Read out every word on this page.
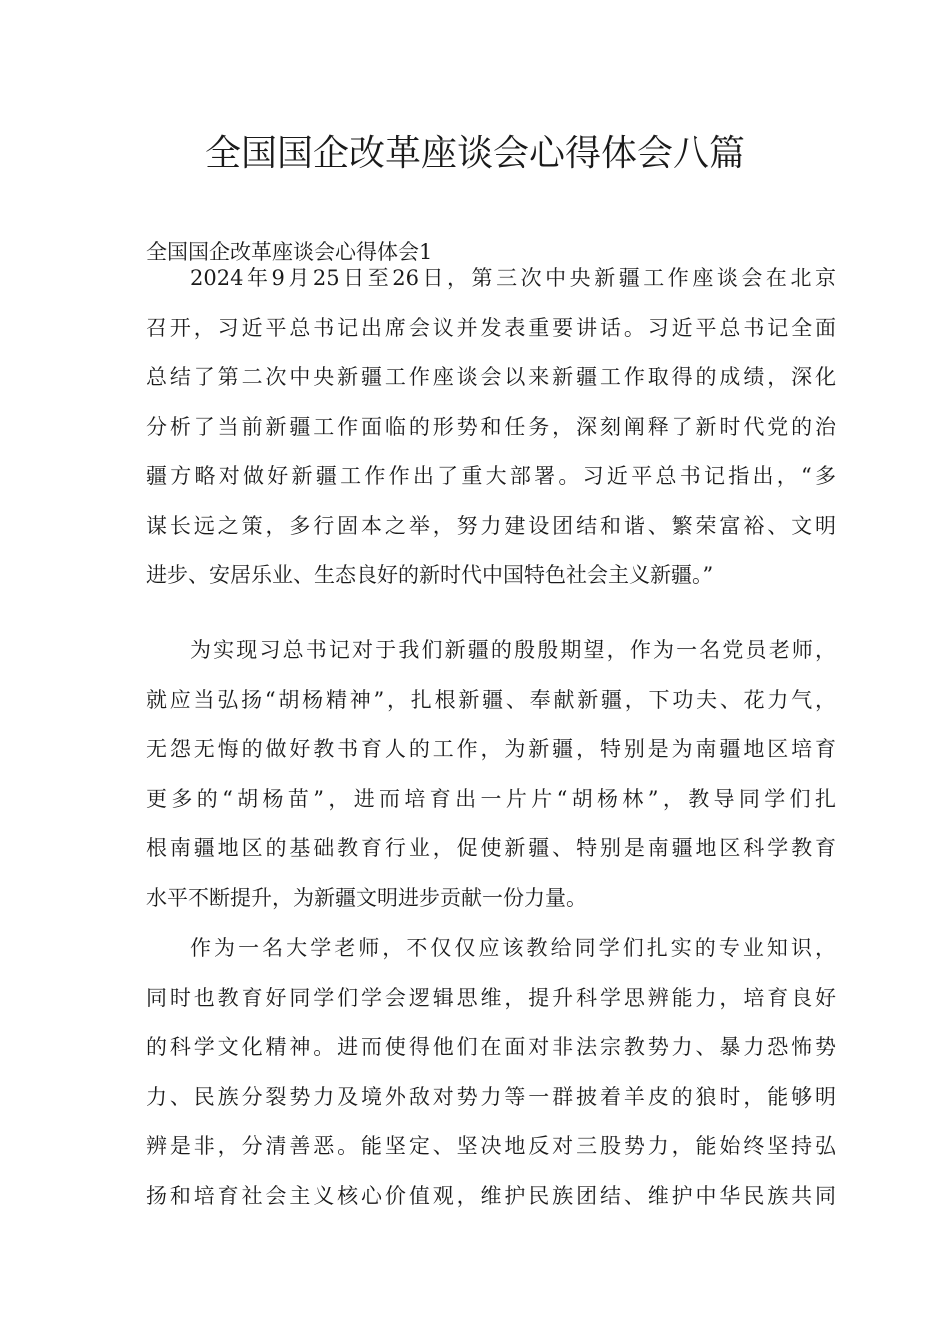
全国国企改革座谈会心得体会八篇
全国国企改革座谈会心得体会1
2024年9月25日至26日，第三次中央新疆工作座谈会在北京
召开，习近平总书记出席会议并发表重要讲话。习近平总书记全面
总结了第二次中央新疆工作座谈会以来新疆工作取得的成绩，深化
分析了当前新疆工作面临的形势和任务，深刻阐释了新时代党的治
疆方略对做好新疆工作作出了重大部署。习近平总书记指出，“多
谋长远之策，多行固本之举，努力建设团结和谐、繁荣富裕、文明
进步、安居乐业、生态良好的新时代中国特色社会主义新疆。”
为实现习总书记对于我们新疆的殷殷期望，作为一名党员老师，
就应当弘扬“胡杨精神”，扎根新疆、奉献新疆，下功夫、花力气，
无怨无悔的做好教书育人的工作，为新疆，特别是为南疆地区培育
更多的“胡杨苗”，进而培育出一片片“胡杨林”，教导同学们扎
根南疆地区的基础教育行业，促使新疆、特别是南疆地区科学教育
水平不断提升，为新疆文明进步贡献一份力量。
作为一名大学老师，不仅仅应该教给同学们扎实的专业知识，
同时也教育好同学们学会逻辑思维，提升科学思辨能力，培育良好
的科学文化精神。进而使得他们在面对非法宗教势力、暴力恐怖势
力、民族分裂势力及境外敌对势力等一群披着羊皮的狼时，能够明
辨是非，分清善恶。能坚定、坚决地反对三股势力，能始终坚持弘
扬和培育社会主义核心价值观，维护民族团结、维护中华民族共同
